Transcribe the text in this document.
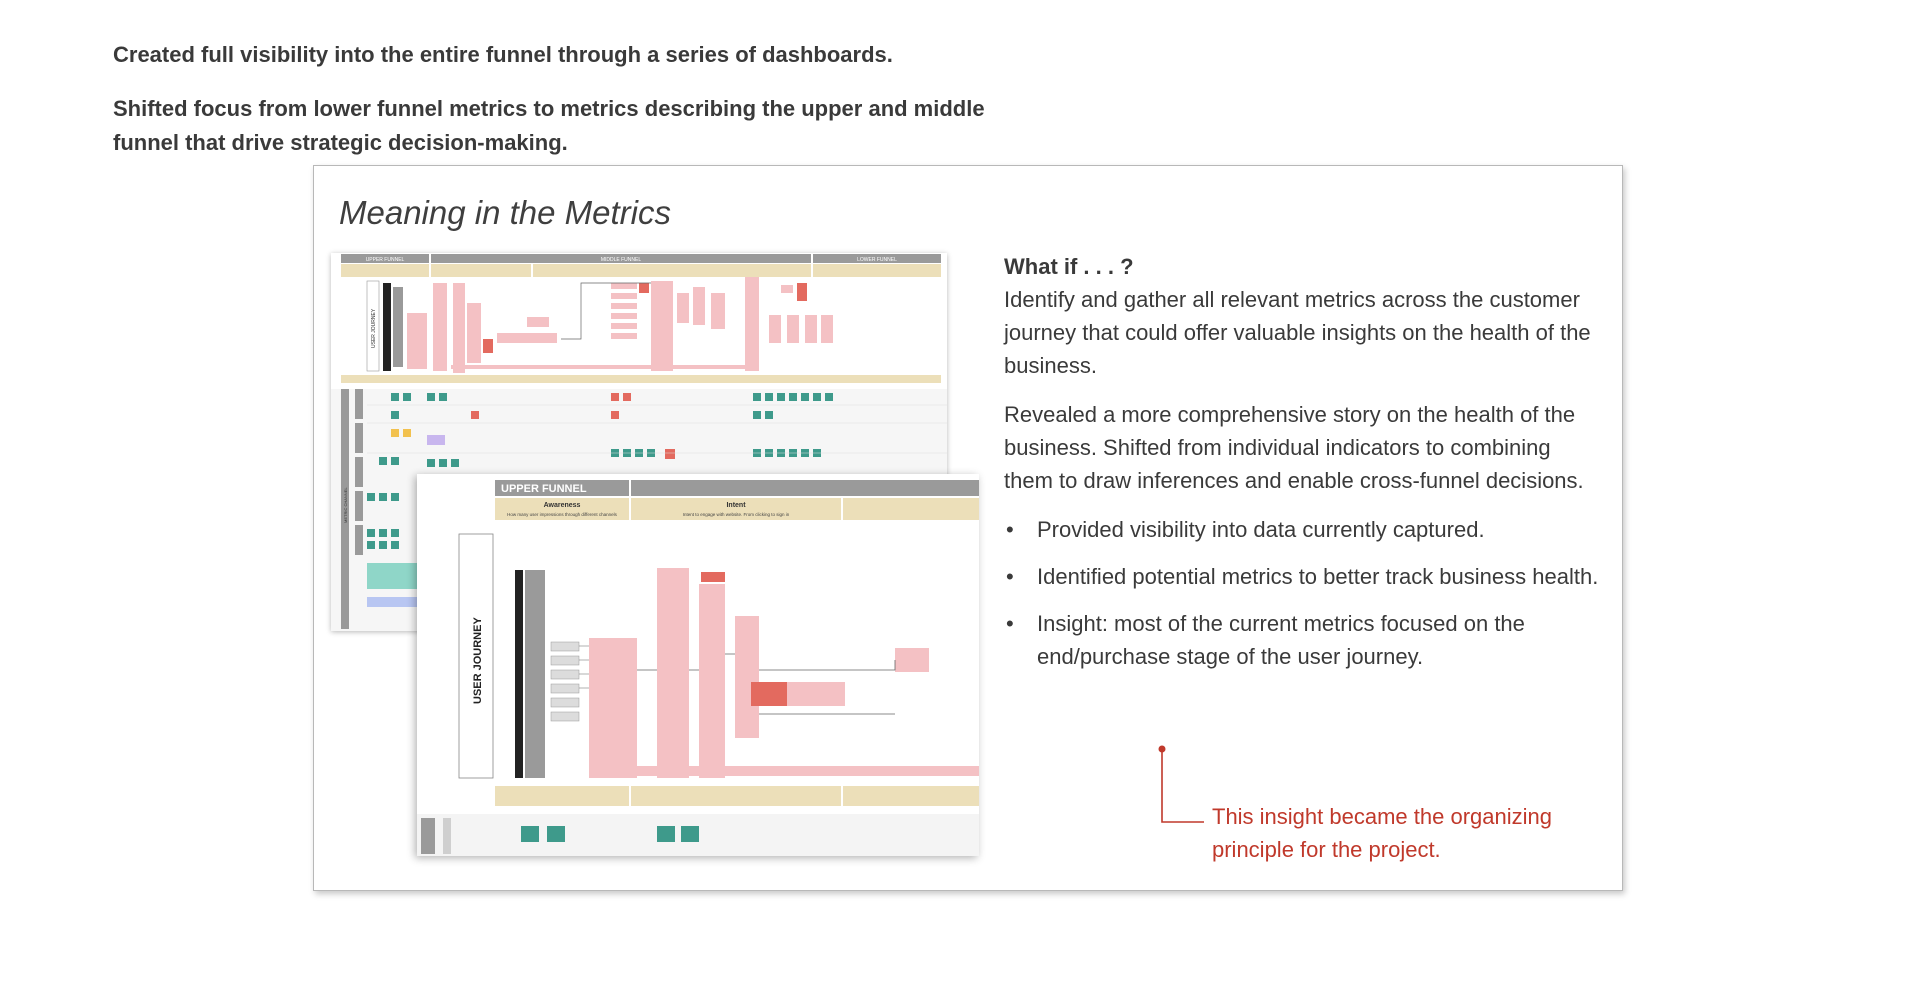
Created full visibility into the entire funnel through a series of dashboards.

Shifted focus from lower funnel metrics to metrics describing the upper and middle funnel that drive strategic decision-making.

Meaning in the Metrics
UPPER FUNNEL	MIDDLE FUNNEL	LOWER FUNNEL
USER JOURNEY
METRIC CHANNEL	UPPER FUNNEL
Awareness
How many user impressions through different channels
Intent
Intent to engage with website. From clicking to sign in
USER JOURNEY
What if . . . ?

Identify and gather all relevant metrics across the customer journey that could offer valuable insights on the health of the business.

Revealed a more comprehensive story on the health of the business. Shifted from individual indicators to combining them to draw inferences and enable cross-funnel decisions.

• Provided visibility into data currently captured.
• Identified potential metrics to better track business health.
• Insight: most of the current metrics focused on the end/purchase stage of the user journey.
This insight became the organizing principle for the project.
